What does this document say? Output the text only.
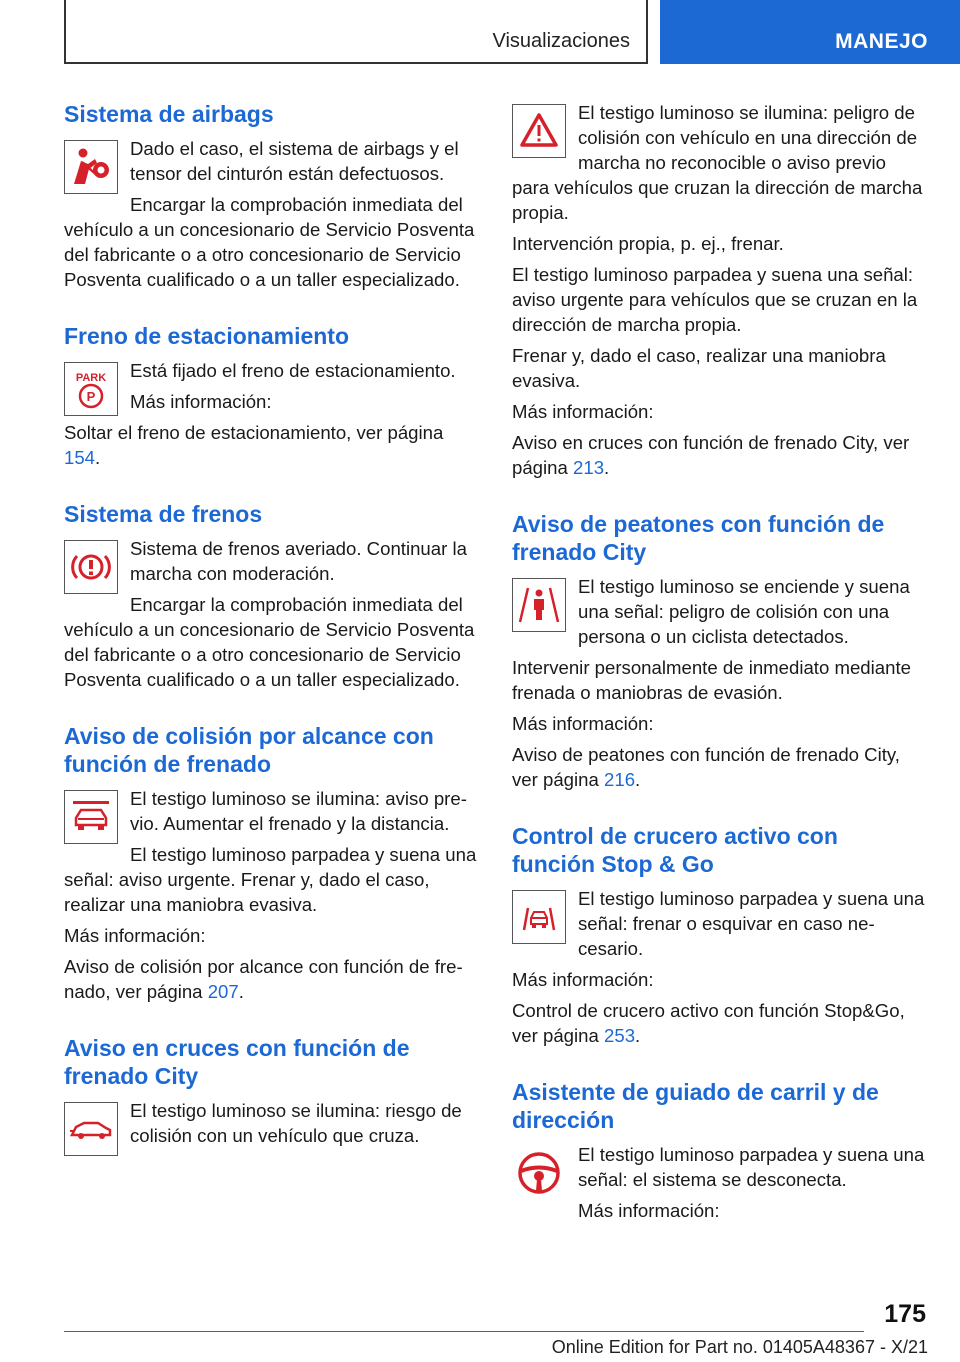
Visualizaciones	MANEJO
Sistema de airbags

Dado el caso, el sistema de airbags y el tensor del cinturón están defectuosos.

Encargar la comprobación inmediata del vehículo a un concesionario de Servicio Posventa del fabricante o a otro concesionario de Servicio Posventa cualificado o a un taller especializado.

Freno de estacionamiento
PARK
P

Está fijado el freno de estacionamiento.

Más información:

Soltar el freno de estacionamiento, ver página 154.

Sistema de frenos

Sistema de frenos averiado. Continuar la marcha con moderación.

Encargar la comprobación inmediata del vehículo a un concesionario de Servicio Posventa del fabricante o a otro concesionario de Servicio Posventa cualificado o a un taller especializado.

Aviso de colisión por alcance con función de frenado

El testigo luminoso se ilumina: aviso previo. Aumentar el frenado y la distancia.

El testigo luminoso parpadea y suena una señal: aviso urgente. Frenar y, dado el caso, realizar una maniobra evasiva.

Más información:

Aviso de colisión por alcance con función de frenado, ver página 207.

Aviso en cruces con función de frenado City

El testigo luminoso se ilumina: riesgo de colisión con un vehículo que cruza.

El testigo luminoso se ilumina: peligro de colisión con vehículo en una dirección de marcha no reconocible o aviso previo para vehículos que cruzan la dirección de marcha propia.

Intervención propia, p. ej., frenar.

El testigo luminoso parpadea y suena una señal: aviso urgente para vehículos que se cruzan en la dirección de marcha propia.

Frenar y, dado el caso, realizar una maniobra evasiva.

Más información:

Aviso en cruces con función de frenado City, ver página 213.

Aviso de peatones con función de frenado City

El testigo luminoso se enciende y suena una señal: peligro de colisión con una persona o un ciclista detectados.

Intervenir personalmente de inmediato mediante frenada o maniobras de evasión.

Más información:

Aviso de peatones con función de frenado City, ver página 216.

Control de crucero activo con función Stop & Go

El testigo luminoso parpadea y suena una señal: frenar o esquivar en caso necesario.

Más información:

Control de crucero activo con función Stop&Go, ver página 253.

Asistente de guiado de carril y de dirección

El testigo luminoso parpadea y suena una señal: el sistema se desconecta.

Más información:

175
Online Edition for Part no. 01405A48367 - X/21
